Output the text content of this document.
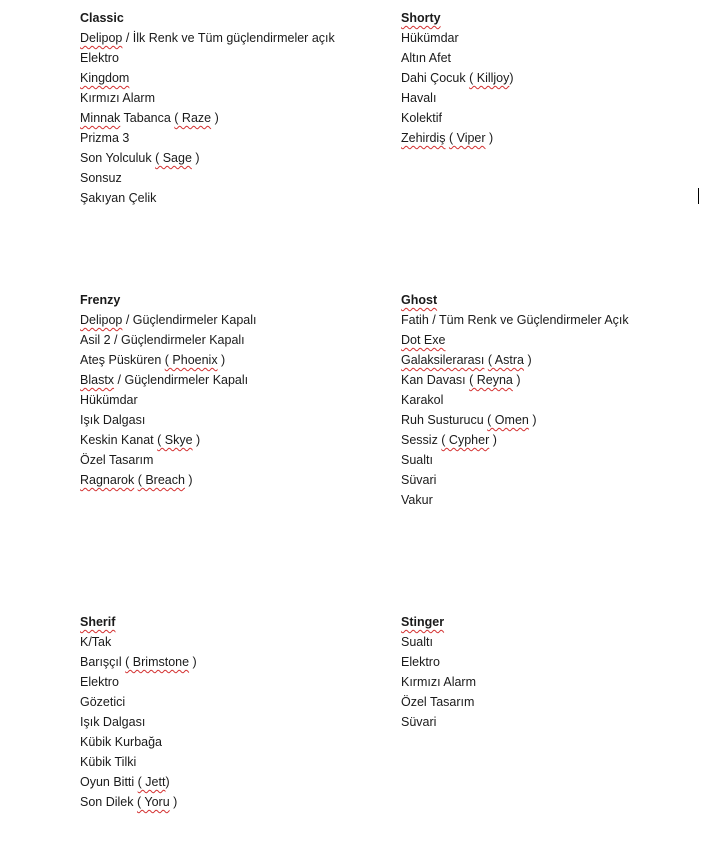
Classic
Delipop / İlk Renk ve Tüm güçlendirmeler açık
Elektro
Kingdom
Kırmızı Alarm
Minnak Tabanca ( Raze )
Prizma 3
Son Yolculuk ( Sage )
Sonsuz
Şakıyan Çelik
Shorty
Hükümdar
Altın Afet
Dahi Çocuk ( Killjoy)
Havalı
Kolektif
Zehirdiş ( Viper )
Frenzy
Delipop / Güçlendirmeler Kapalı
Asil 2 / Güçlendirmeler Kapalı
Ateş Püsküren ( Phoenix )
Blastx / Güçlendirmeler Kapalı
Hükümdar
Işık Dalgası
Keskin Kanat ( Skye )
Özel Tasarım
Ragnarok ( Breach )
Ghost
Fatih / Tüm Renk ve Güçlendirmeler Açık
Dot Exe
Galaksilerarası ( Astra )
Kan Davası ( Reyna )
Karakol
Ruh Susturucu ( Omen )
Sessiz ( Cypher )
Sualtı
Süvari
Vakur
Sherif
K/Tak
Barışçıl ( Brimstone )
Elektro
Gözetici
Işık Dalgası
Kübik Kurbağa
Kübik Tilki
Oyun Bitti ( Jett)
Son Dilek ( Yoru )
Stinger
Sualtı
Elektro
Kırmızı Alarm
Özel Tasarım
Süvari
